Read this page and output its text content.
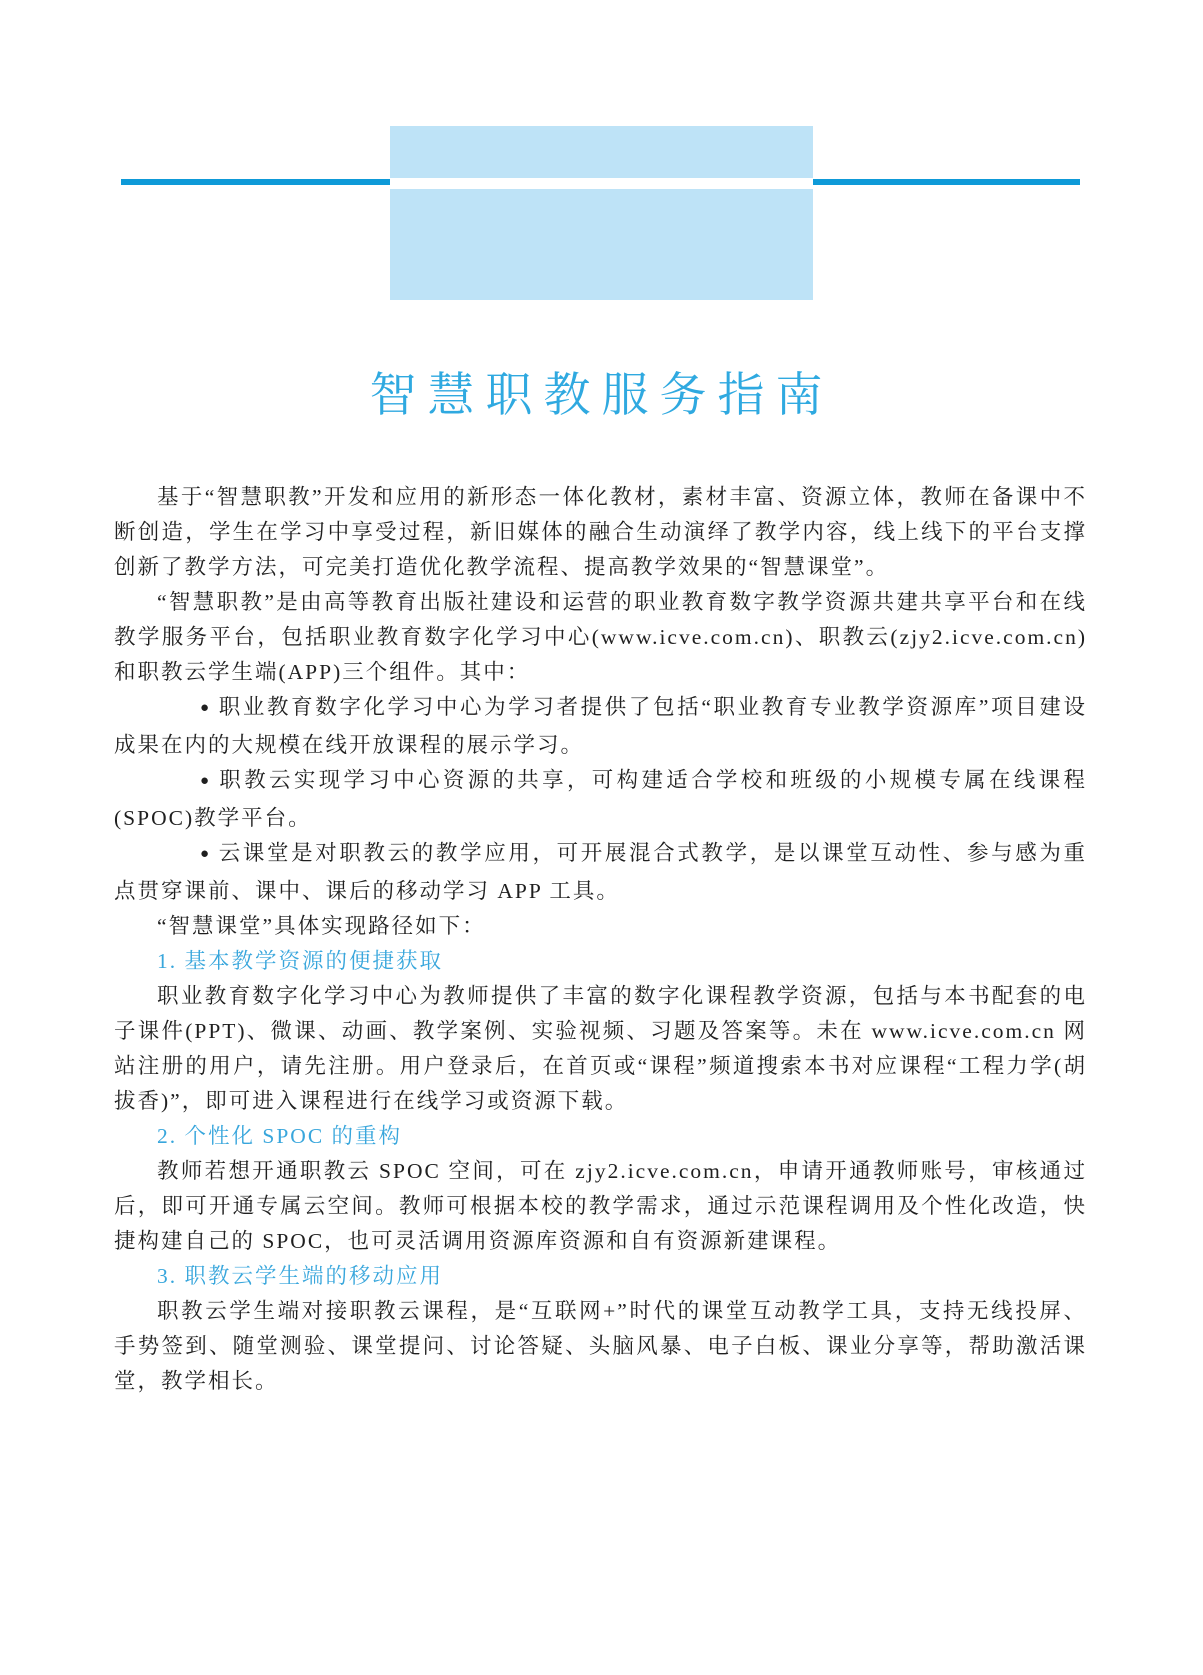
智慧职教服务指南

基于“智慧职教”开发和应用的新形态一体化教材，素材丰富、资源立体，教师在备课中不断创造，学生在学习中享受过程，新旧媒体的融合生动演绎了教学内容，线上线下的平台支撑创新了教学方法，可完美打造优化教学流程、提高教学效果的“智慧课堂”。

“智慧职教”是由高等教育出版社建设和运营的职业教育数字教学资源共建共享平台和在线教学服务平台，包括职业教育数字化学习中心(www.icve.com.cn)、职教云(zjy2.icve.com.cn)和职教云学生端(APP)三个组件。其中：

● 职业教育数字化学习中心为学习者提供了包括“职业教育专业教学资源库”项目建设成果在内的大规模在线开放课程的展示学习。

● 职教云实现学习中心资源的共享，可构建适合学校和班级的小规模专属在线课程(SPOC)教学平台。

● 云课堂是对职教云的教学应用，可开展混合式教学，是以课堂互动性、参与感为重点贯穿课前、课中、课后的移动学习 APP 工具。

“智慧课堂”具体实现路径如下：

1. 基本教学资源的便捷获取

职业教育数字化学习中心为教师提供了丰富的数字化课程教学资源，包括与本书配套的电子课件(PPT)、微课、动画、教学案例、实验视频、习题及答案等。未在 www.icve.com.cn 网站注册的用户，请先注册。用户登录后，在首页或“课程”频道搜索本书对应课程“工程力学(胡拔香)”，即可进入课程进行在线学习或资源下载。

2. 个性化 SPOC 的重构

教师若想开通职教云 SPOC 空间，可在 zjy2.icve.com.cn，申请开通教师账号，审核通过后，即可开通专属云空间。教师可根据本校的教学需求，通过示范课程调用及个性化改造，快捷构建自己的 SPOC，也可灵活调用资源库资源和自有资源新建课程。

3. 职教云学生端的移动应用

职教云学生端对接职教云课程，是“互联网+”时代的课堂互动教学工具，支持无线投屏、手势签到、随堂测验、课堂提问、讨论答疑、头脑风暴、电子白板、课业分享等，帮助激活课堂，教学相长。
